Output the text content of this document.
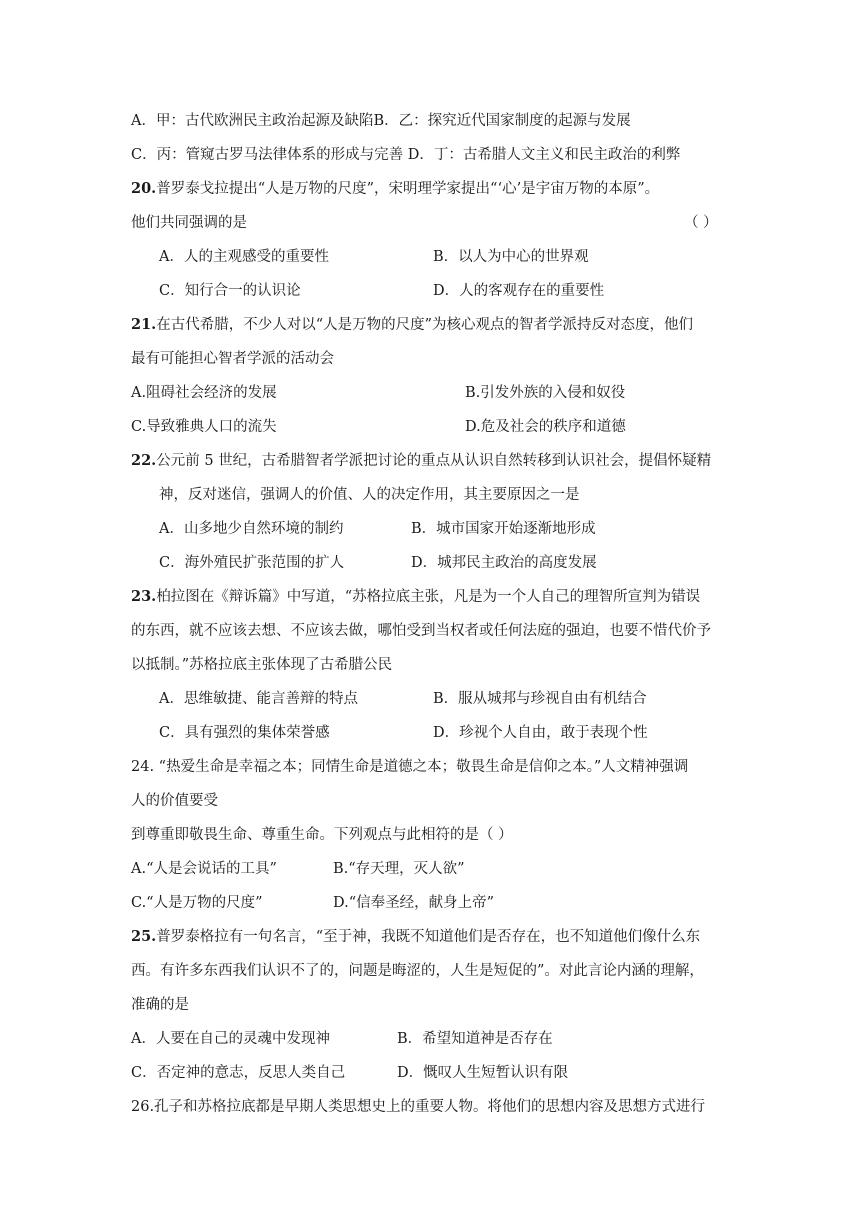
A．甲：古代欧洲民主政治起源及缺陷B．乙：探究近代国家制度的起源与发展
C．丙：管窥古罗马法律体系的形成与完善 D．丁：古希腊人文主义和民主政治的利弊
20.普罗泰戈拉提出“人是万物的尺度”，宋明理学家提出“‘心’是宇宙万物的本原”。
他们共同强调的是	（ ）
A．人的主观感受的重要性	B．以人为中心的世界观
C．知行合一的认识论	D．人的客观存在的重要性
21.在古代希腊，不少人对以“人是万物的尺度”为核心观点的智者学派持反对态度，他们
最有可能担心智者学派的活动会
A.阻碍社会经济的发展	B.引发外族的入侵和奴役
C.导致雅典人口的流失	D.危及社会的秩序和道德
22.公元前 5 世纪，古希腊智者学派把讨论的重点从认识自然转移到认识社会，提倡怀疑精
神，反对迷信，强调人的价值、人的决定作用，其主要原因之一是
A．山多地少自然环境的制约	B．城市国家开始逐渐地形成
C．海外殖民扩张范围的扩人	D．城邦民主政治的高度发展
23.柏拉图在《辩诉篇》中写道，“苏格拉底主张，凡是为一个人自己的理智所宣判为错误
的东西，就不应该去想、不应该去做，哪怕受到当权者或任何法庭的强迫，也要不惜代价予
以抵制。”苏格拉底主张体现了古希腊公民
A．思维敏捷、能言善辩的特点	B．服从城邦与珍视自由有机结合
C．具有强烈的集体荣誉感	D．珍视个人自由，敢于表现个性
24. “热爱生命是幸福之本；同情生命是道德之本；敬畏生命是信仰之本。”人文精神强调
人的价值要受
到尊重即敬畏生命、尊重生命。下列观点与此相符的是（ ）
A.“人是会说话的工具”	B.“存天理，灭人欲”
C.“人是万物的尺度”	D.“信奉圣经，献身上帝”
25.普罗泰格拉有一句名言，“至于神，我既不知道他们是否存在，也不知道他们像什么东
西。有许多东西我们认识不了的，问题是晦涩的，人生是短促的”。对此言论内涵的理解，
准确的是
A．人要在自己的灵魂中发现神	B．希望知道神是否存在
C．否定神的意志，反思人类自己	D．慨叹人生短暂认识有限
26.孔子和苏格拉底都是早期人类思想史上的重要人物。将他们的思想内容及思想方式进行
